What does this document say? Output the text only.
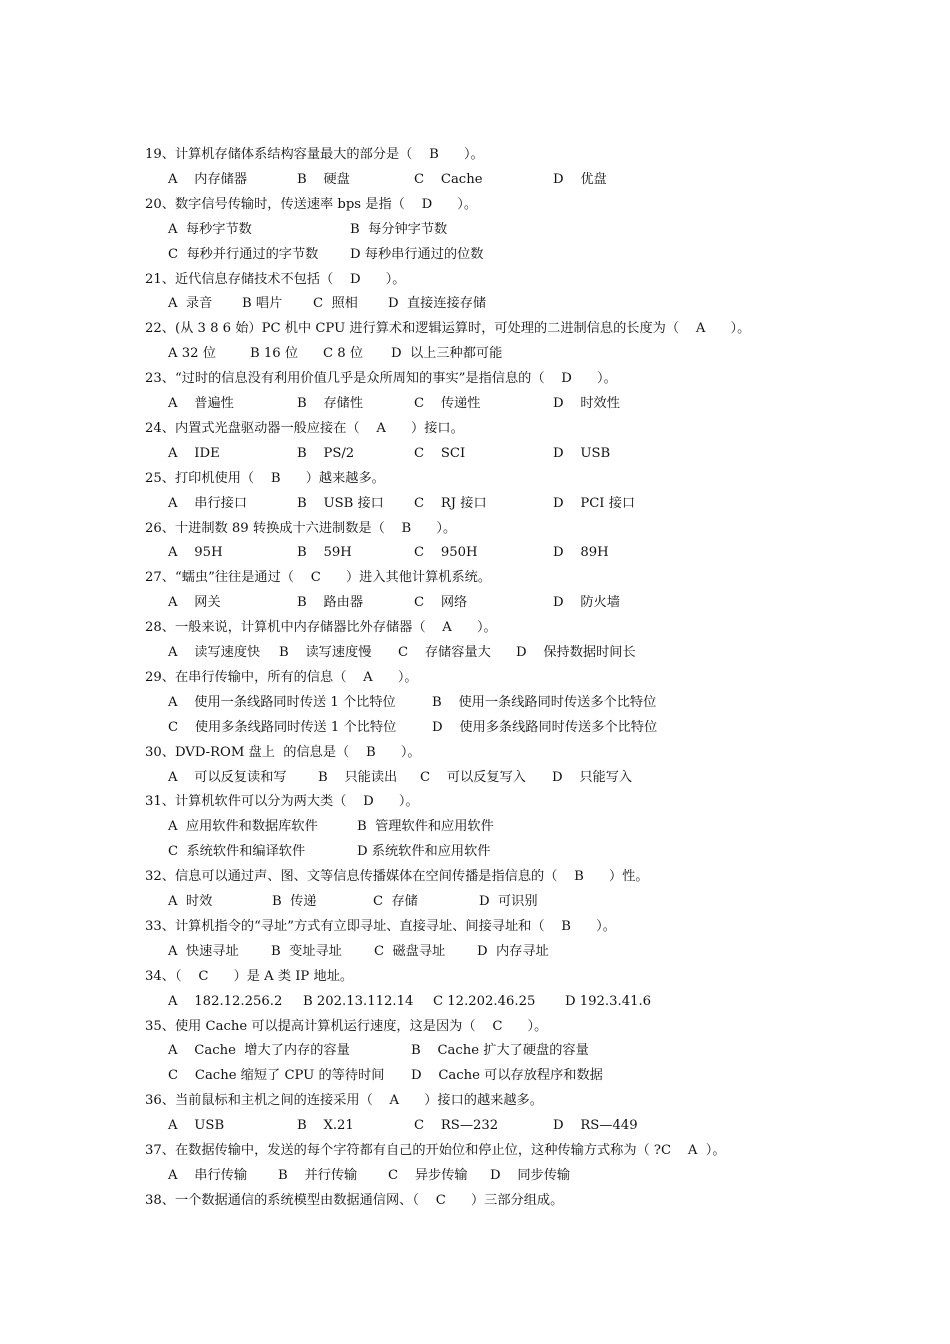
19、计算机存储体系结构容量最大的部分是（    B      ）。
A    内存储器	B    硬盘	C    Cache	D    优盘
20、数字信号传输时，传送速率 bps 是指（    D      ）。
A  每秒字节数	B  每分钟字节数
C  每秒并行通过的字节数 D 每秒串行通过的位数
21、近代信息存储技术不包括（    D      ）。
A  录音 B 唱片 C  照相 D  直接连接存储
22、(从 3 8 6 始）PC 机中 CPU 进行算术和逻辑运算时，可处理的二进制信息的长度为（    A      ）。
A 32 位	B 16 位 C 8 位 D  以上三种都可能
23、“过时的信息没有利用价值几乎是众所周知的事实”是指信息的（    D      ）。
A    普遍性	B    存储性	C    传递性	D    时效性
24、内置式光盘驱动器一般应接在（    A      ）接口。
A    IDE	B    PS/2	C    SCI	D    USB
25、打印机使用（    B      ）越来越多。
A    串行接口	B    USB 接口 C    RJ 接口	D    PCI 接口
26、十进制数 89 转换成十六进制数是（    B      ）。
A    95H	B    59H	C    950H	D    89H
27、“蠕虫”往往是通过（    C      ）进入其他计算机系统。
A    网关	B    路由器	C    网络	D    防火墙
28、一般来说，计算机中内存储器比外存储器（    A      ）。
A    读写速度快 B    读写速度慢 C    存储容量大 D    保持数据时间长
29、在串行传输中，所有的信息（    A      ）。
A    使用一条线路同时传送 1 个比特位	B    使用一条线路同时传送多个比特位
C    使用多条线路同时传送 1 个比特位	D    使用多条线路同时传送多个比特位
30、DVD-ROM 盘上  的信息是（    B      ）。
A    可以反复读和写 B    只能读出 C    可以反复写入 D    只能写入
31、计算机软件可以分为两大类（    D      ）。
A  应用软件和数据库软件	B  管理软件和应用软件
C  系统软件和编译软件	D 系统软件和应用软件
32、信息可以通过声、图、文等信息传播媒体在空间传播是指信息的（    B      ）性。
A  时效	B  传递	C  存储	D  可识别
33、计算机指令的“寻址”方式有立即寻址、直接寻址、间接寻址和（    B      ）。
A  快速寻址 B  变址寻址 C  磁盘寻址 D  内存寻址
34、（    C      ）是 A 类 IP 地址。
A    182.12.256.2 B 202.13.112.14 C 12.202.46.25 D 192.3.41.6
35、使用 Cache 可以提高计算机运行速度，这是因为（    C      ）。
A    Cache  增大了内存的容量	B    Cache 扩大了硬盘的容量
C    Cache 缩短了 CPU 的等待时间 D    Cache 可以存放程序和数据
36、当前鼠标和主机之间的连接采用（    A      ）接口的越来越多。
A    USB	B    X.21	C    RS—232	D    RS—449
37、在数据传输中，发送的每个字符都有自己的开始位和停止位，这种传输方式称为（ ?C    A  ）。
A    串行传输 B    并行传输 C    异步传输 D    同步传输
38、一个数据通信的系统模型由数据通信网、（    C      ）三部分组成。
